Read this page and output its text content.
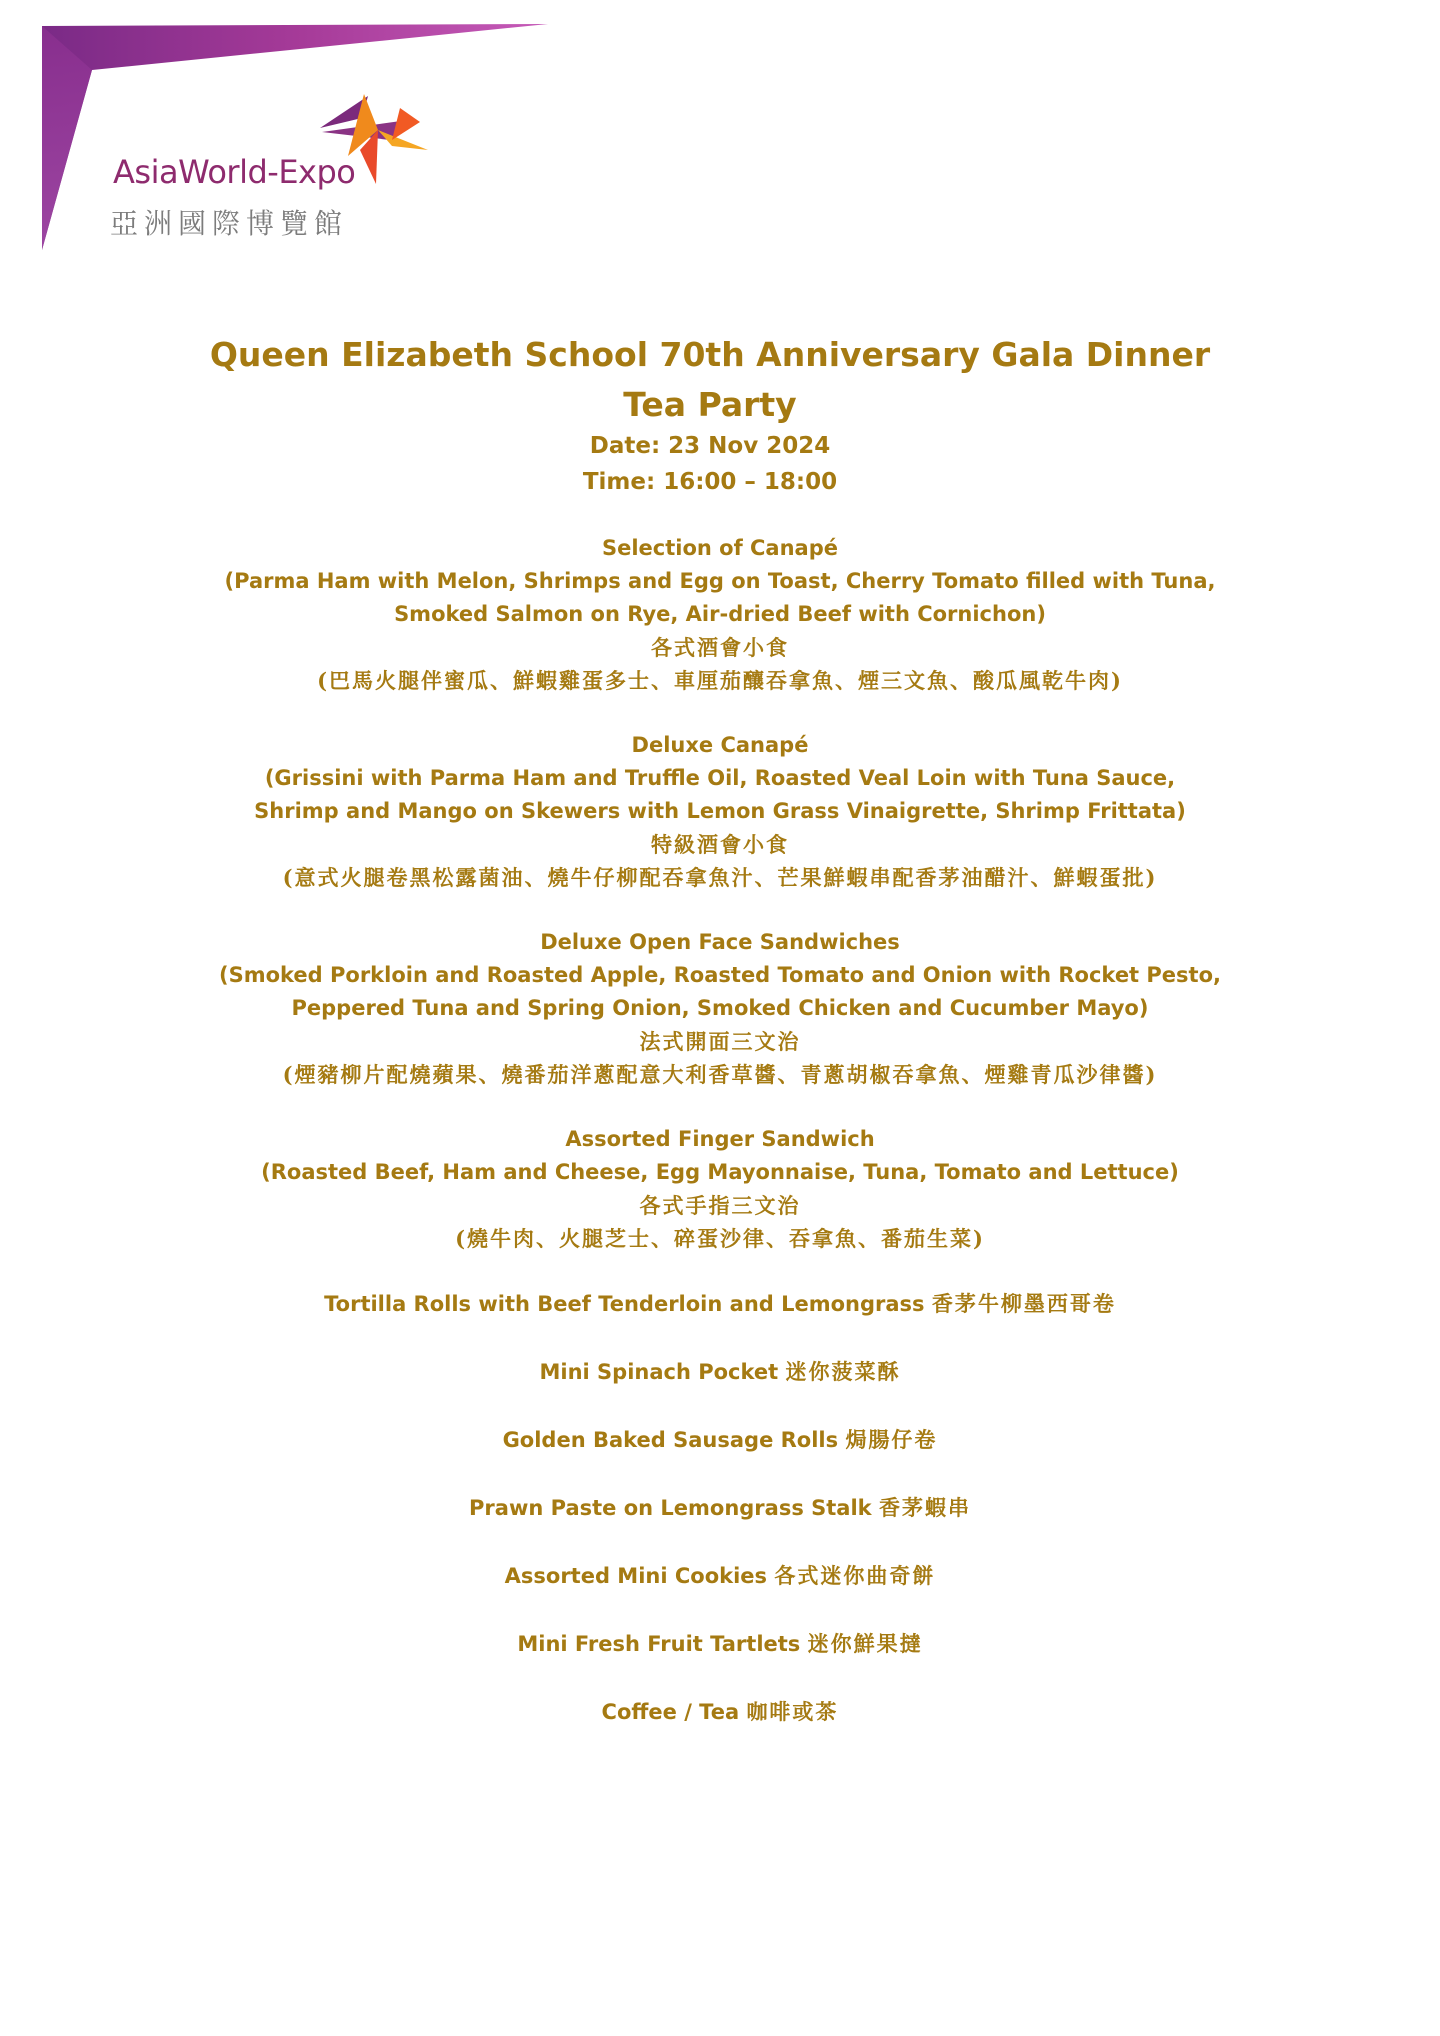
AsiaWorld-Expo
亞洲國際博覽館
Queen Elizabeth School 70th Anniversary Gala Dinner
Tea Party
Date: 23 Nov 2024
Time: 16:00 – 18:00
Selection of Canapé
(Parma Ham with Melon, Shrimps and Egg on Toast, Cherry Tomato filled with Tuna,
Smoked Salmon on Rye, Air-dried Beef with Cornichon)
各式酒會小食
(巴馬火腿伴蜜瓜、鮮蝦雞蛋多士、車厘茄釀吞拿魚、煙三文魚、酸瓜風乾牛肉)
Deluxe Canapé
(Grissini with Parma Ham and Truffle Oil, Roasted Veal Loin with Tuna Sauce,
Shrimp and Mango on Skewers with Lemon Grass Vinaigrette, Shrimp Frittata)
特級酒會小食
(意式火腿卷黑松露菌油、燒牛仔柳配吞拿魚汁、芒果鮮蝦串配香茅油醋汁、鮮蝦蛋批)
Deluxe Open Face Sandwiches
(Smoked Porkloin and Roasted Apple, Roasted Tomato and Onion with Rocket Pesto,
Peppered Tuna and Spring Onion, Smoked Chicken and Cucumber Mayo)
法式開面三文治
(煙豬柳片配燒蘋果、燒番茄洋蔥配意大利香草醬、青蔥胡椒吞拿魚、煙雞青瓜沙律醬)
Assorted Finger Sandwich
(Roasted Beef, Ham and Cheese, Egg Mayonnaise, Tuna, Tomato and Lettuce)
各式手指三文治
(燒牛肉、火腿芝士、碎蛋沙律、吞拿魚、番茄生菜)
Tortilla Rolls with Beef Tenderloin and Lemongrass 香茅牛柳墨西哥卷
Mini Spinach Pocket 迷你菠菜酥
Golden Baked Sausage Rolls 焗腸仔卷
Prawn Paste on Lemongrass Stalk 香茅蝦串
Assorted Mini Cookies 各式迷你曲奇餅
Mini Fresh Fruit Tartlets 迷你鮮果撻
Coffee / Tea 咖啡或茶
